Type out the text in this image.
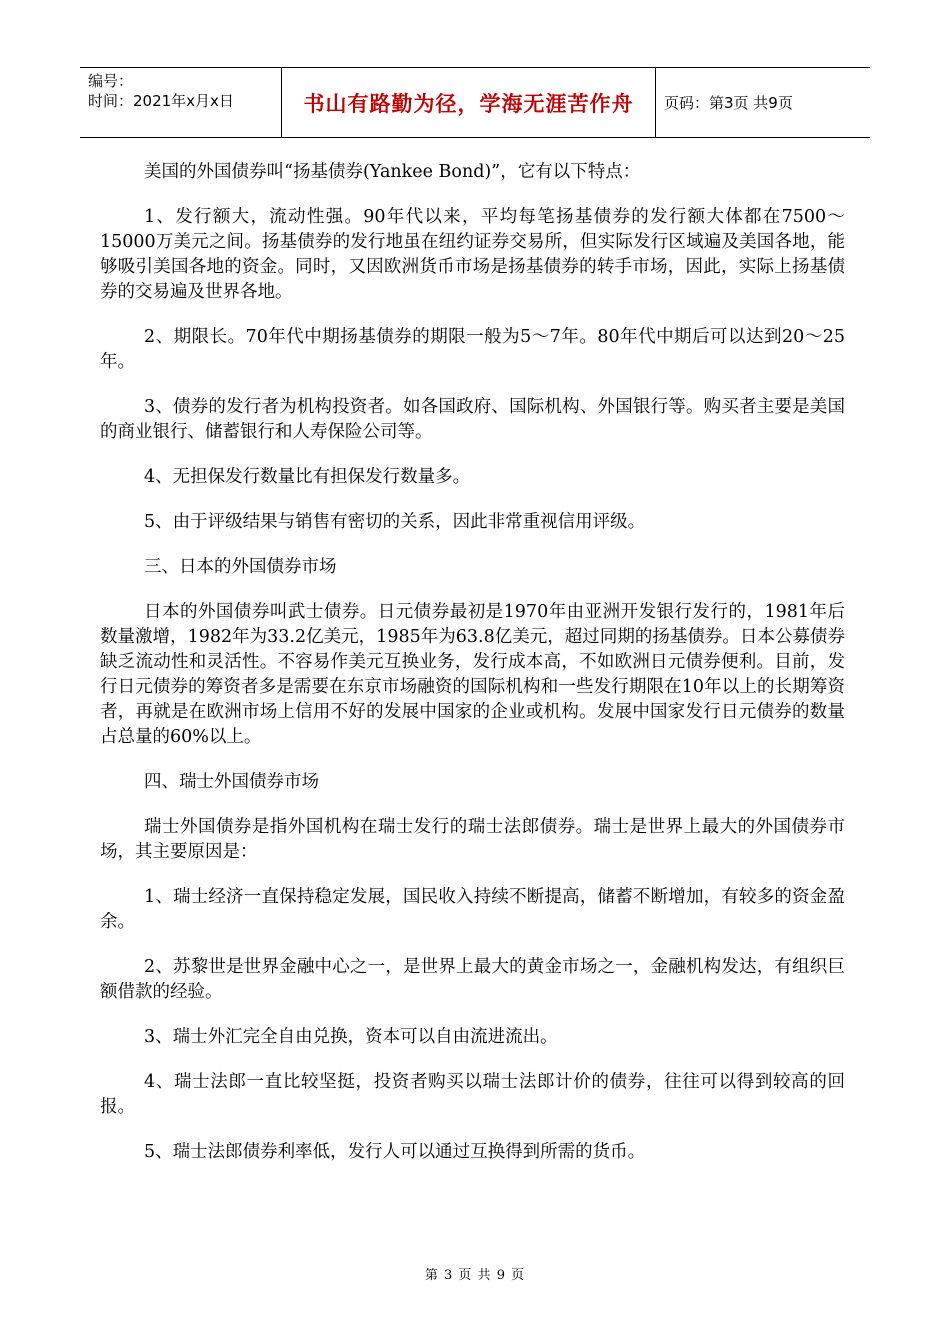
编号：
时间：2021年x月x日	书山有路勤为径，学海无涯苦作舟 页码：第3页 共9页

美国的外国债券叫“扬基债券(Yankee Bond)”，它有以下特点：

1、发行额大，流动性强。90年代以来，平均每笔扬基债券的发行额大体都在7500～15000万美元之间。扬基债券的发行地虽在纽约证券交易所，但实际发行区域遍及美国各地，能够吸引美国各地的资金。同时，又因欧洲货币市场是扬基债券的转手市场，因此，实际上扬基债券的交易遍及世界各地。

2、期限长。70年代中期扬基债券的期限一般为5～7年。80年代中期后可以达到20～25年。

3、债券的发行者为机构投资者。如各国政府、国际机构、外国银行等。购买者主要是美国的商业银行、储蓄银行和人寿保险公司等。

4、无担保发行数量比有担保发行数量多。

5、由于评级结果与销售有密切的关系，因此非常重视信用评级。

三、日本的外国债券市场

日本的外国债券叫武士债券。日元债券最初是1970年由亚洲开发银行发行的，1981年后数量激增，1982年为33.2亿美元，1985年为63.8亿美元，超过同期的扬基债券。日本公募债券缺乏流动性和灵活性。不容易作美元互换业务，发行成本高，不如欧洲日元债券便利。目前，发行日元债券的筹资者多是需要在东京市场融资的国际机构和一些发行期限在10年以上的长期筹资者，再就是在欧洲市场上信用不好的发展中国家的企业或机构。发展中国家发行日元债券的数量占总量的60%以上。

四、瑞士外国债券市场

瑞士外国债券是指外国机构在瑞士发行的瑞士法郎债券。瑞士是世界上最大的外国债券市场，其主要原因是：

1、瑞士经济一直保持稳定发展，国民收入持续不断提高，储蓄不断增加，有较多的资金盈余。

2、苏黎世是世界金融中心之一，是世界上最大的黄金市场之一，金融机构发达，有组织巨额借款的经验。

3、瑞士外汇完全自由兑换，资本可以自由流进流出。

4、瑞士法郎一直比较坚挺，投资者购买以瑞士法郎计价的债券，往往可以得到较高的回报。

5、瑞士法郎债券利率低，发行人可以通过互换得到所需的货币。

第 3 页 共 9 页
